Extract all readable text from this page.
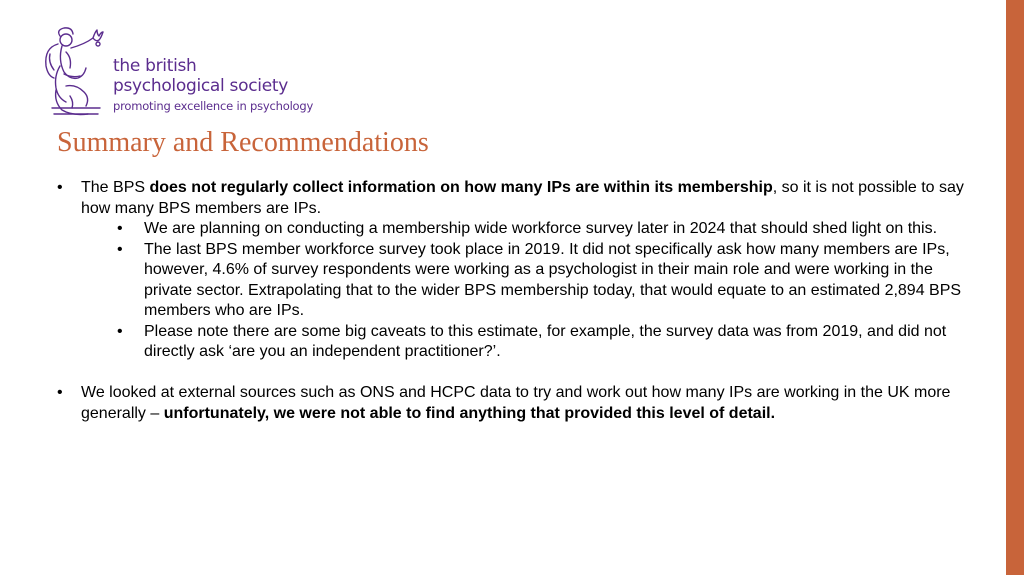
the british
psychological society
promoting excellence in psychology
Summary and Recommendations
• The BPS does not regularly collect information on how many IPs are within its membership, so it is not possible to say how many BPS members are IPs.
• We are planning on conducting a membership wide workforce survey later in 2024 that should shed light on this.
• The last BPS member workforce survey took place in 2019. It did not specifically ask how many members are IPs, however, 4.6% of survey respondents were working as a psychologist in their main role and were working in the private sector. Extrapolating that to the wider BPS membership today, that would equate to an estimated 2,894 BPS members who are IPs.
• Please note there are some big caveats to this estimate, for example, the survey data was from 2019, and did not directly ask ‘are you an independent practitioner?’.
• We looked at external sources such as ONS and HCPC data to try and work out how many IPs are working in the UK more generally – unfortunately, we were not able to find anything that provided this level of detail.
